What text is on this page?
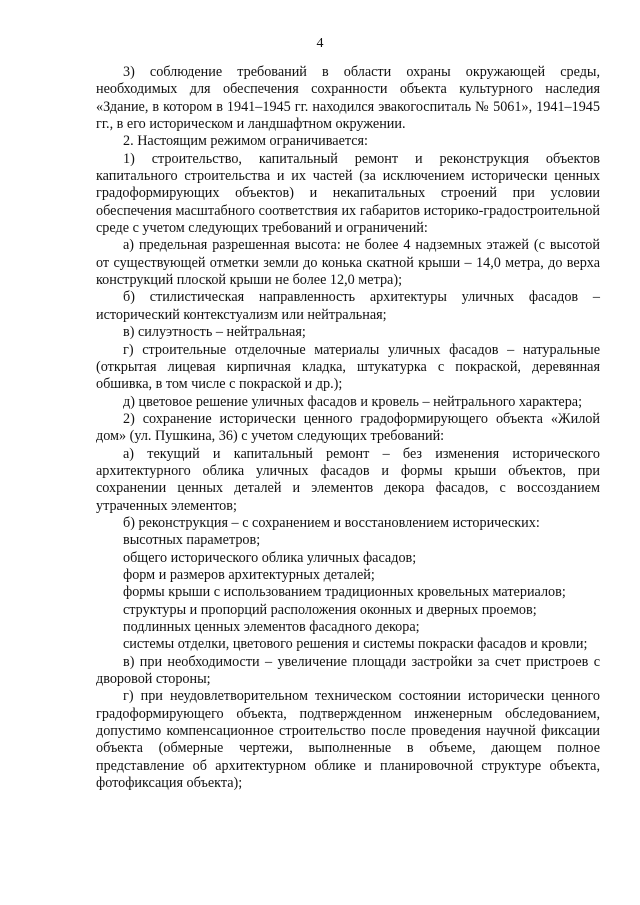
4

3) соблюдение требований в области охраны окружающей среды, необходимых для обеспечения сохранности объекта культурного наследия «Здание, в котором в 1941–1945 гг. находился эвакогоспиталь № 5061», 1941–1945 гг., в его историческом и ландшафтном окружении.

2. Настоящим режимом ограничивается:

1) строительство, капитальный ремонт и реконструкция объектов капитального строительства и их частей (за исключением исторически ценных градоформирующих объектов) и некапитальных строений при условии обеспечения масштабного соответствия их габаритов историко-градостроительной среде с учетом следующих требований и ограничений:

а) предельная разрешенная высота: не более 4 надземных этажей (с высотой от существующей отметки земли до конька скатной крыши – 14,0 метра, до верха конструкций плоской крыши не более 12,0 метра);

б) стилистическая направленность архитектуры уличных фасадов – исторический контекстуализм или нейтральная;

в) силуэтность – нейтральная;

г) строительные отделочные материалы уличных фасадов – натуральные (открытая лицевая кирпичная кладка, штукатурка с покраской, деревянная обшивка, в том числе с покраской и др.);

д) цветовое решение уличных фасадов и кровель – нейтрального характера;

2) сохранение исторически ценного градоформирующего объекта «Жилой дом» (ул. Пушкина, 36) с учетом следующих требований:

а) текущий и капитальный ремонт – без изменения исторического архитектурного облика уличных фасадов и формы крыши объектов, при сохранении ценных деталей и элементов декора фасадов, с воссозданием утраченных элементов;

б) реконструкция – с сохранением и восстановлением исторических:

высотных параметров;

общего исторического облика уличных фасадов;

форм и размеров архитектурных деталей;

формы крыши с использованием традиционных кровельных материалов;

структуры и пропорций расположения оконных и дверных проемов;

подлинных ценных элементов фасадного декора;

системы отделки, цветового решения и системы покраски фасадов и кровли;

в) при необходимости – увеличение площади застройки за счет пристроев с дворовой стороны;

г) при неудовлетворительном техническом состоянии исторически ценного градоформирующего объекта, подтвержденном инженерным обследованием, допустимо компенсационное строительство после проведения научной фиксации объекта (обмерные чертежи, выполненные в объеме, дающем полное представление об архитектурном облике и планировочной структуре объекта, фотофиксация объекта);
